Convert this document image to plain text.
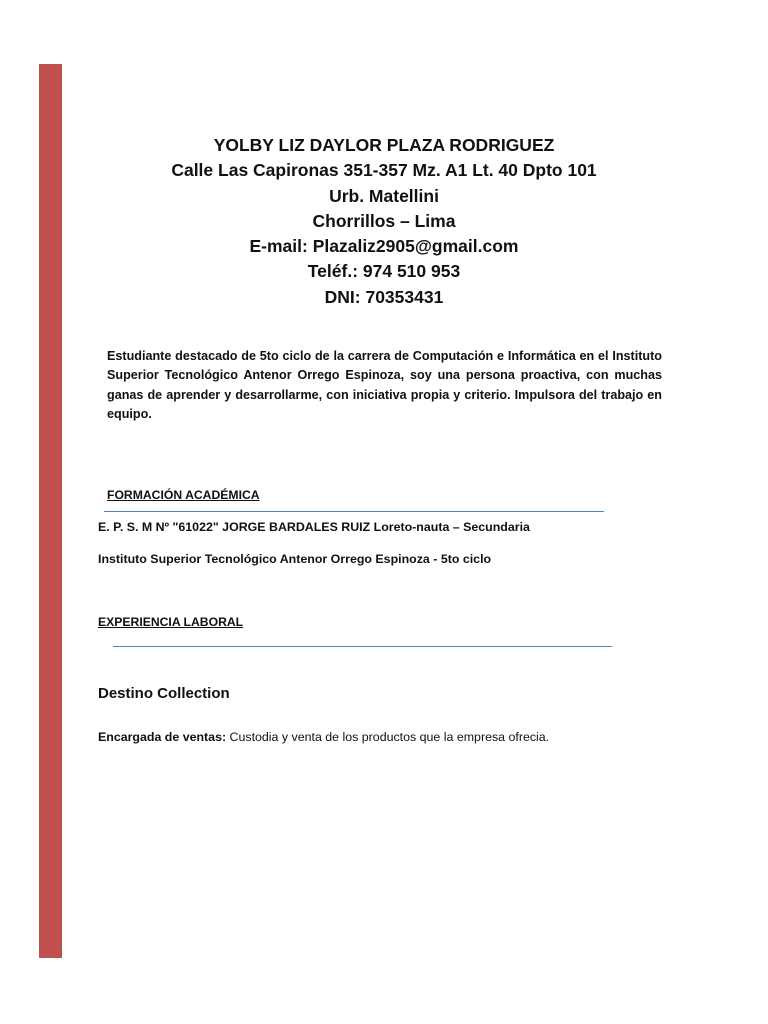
YOLBY LIZ DAYLOR PLAZA RODRIGUEZ
Calle Las Capironas 351-357 Mz. A1 Lt. 40 Dpto 101
Urb. Matellini
Chorrillos – Lima
E-mail: Plazaliz2905@gmail.com
Teléf.: 974 510 953
DNI: 70353431
Estudiante destacado de 5to ciclo de la carrera de Computación e Informática en el Instituto Superior Tecnológico Antenor Orrego Espinoza, soy una persona proactiva, con muchas ganas de aprender y desarrollarme, con iniciativa propia y criterio. Impulsora del trabajo en equipo.
FORMACIÓN ACADÉMICA
E. P. S. M Nº "61022" JORGE BARDALES RUIZ Loreto-nauta – Secundaria
Instituto Superior Tecnológico Antenor Orrego Espinoza - 5to ciclo
EXPERIENCIA LABORAL
Destino Collection
Encargada de ventas: Custodia y venta de los productos que la empresa ofrecia.
